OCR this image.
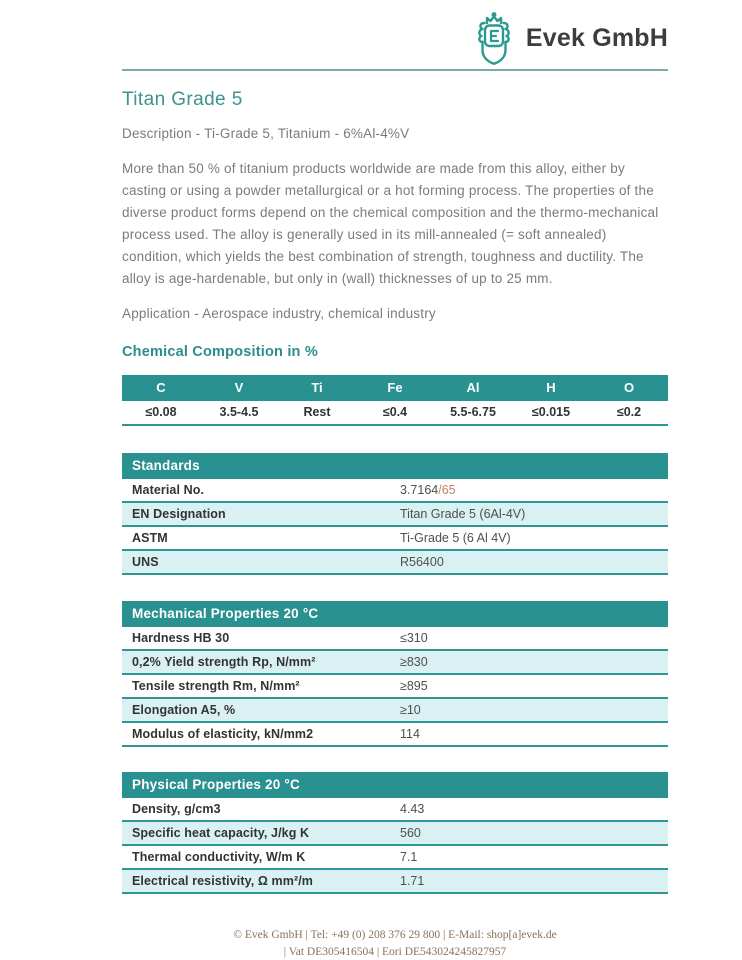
Evek GmbH
Titan Grade 5
Description - Ti-Grade 5, Titanium - 6%Al-4%V
More than 50 % of titanium products worldwide are made from this alloy, either by casting or using a powder metallurgical or a hot forming process. The properties of the diverse product forms depend on the chemical composition and the thermo-mechanical process used. The alloy is generally used in its mill-annealed (= soft annealed) condition, which yields the best combination of strength, toughness and ductility. The alloy is age-hardenable, but only in (wall) thicknesses of up to 25 mm.
Application - Aerospace industry, chemical industry
Chemical Composition in %
C	V	Ti	Fe	Al	H	O
≤0.08	3.5-4.5	Rest	≤0.4	5.5-6.75	≤0.015	≤0.2
Standards
Material No.	3.7164/65
EN Designation	Titan Grade 5 (6Al-4V)
ASTM	Ti-Grade 5 (6 Al 4V)
UNS	R56400
Mechanical Properties 20 °C
Hardness HB 30	≤310
0,2% Yield strength Rp, N/mm²	≥830
Tensile strength Rm, N/mm²	≥895
Elongation A5, %	≥10
Modulus of elasticity, kN/mm2	114
Physical Properties 20 °C
Density, g/cm3	4.43
Specific heat capacity, J/kg K	560
Thermal conductivity, W/m K	7.1
Electrical resistivity, Ω mm²/m	1.71
© Evek GmbH | Tel: +49 (0) 208 376 29 800 | E-Mail: shop[a]evek.de
| Vat DE305416504 | Eori DE543024245827957
